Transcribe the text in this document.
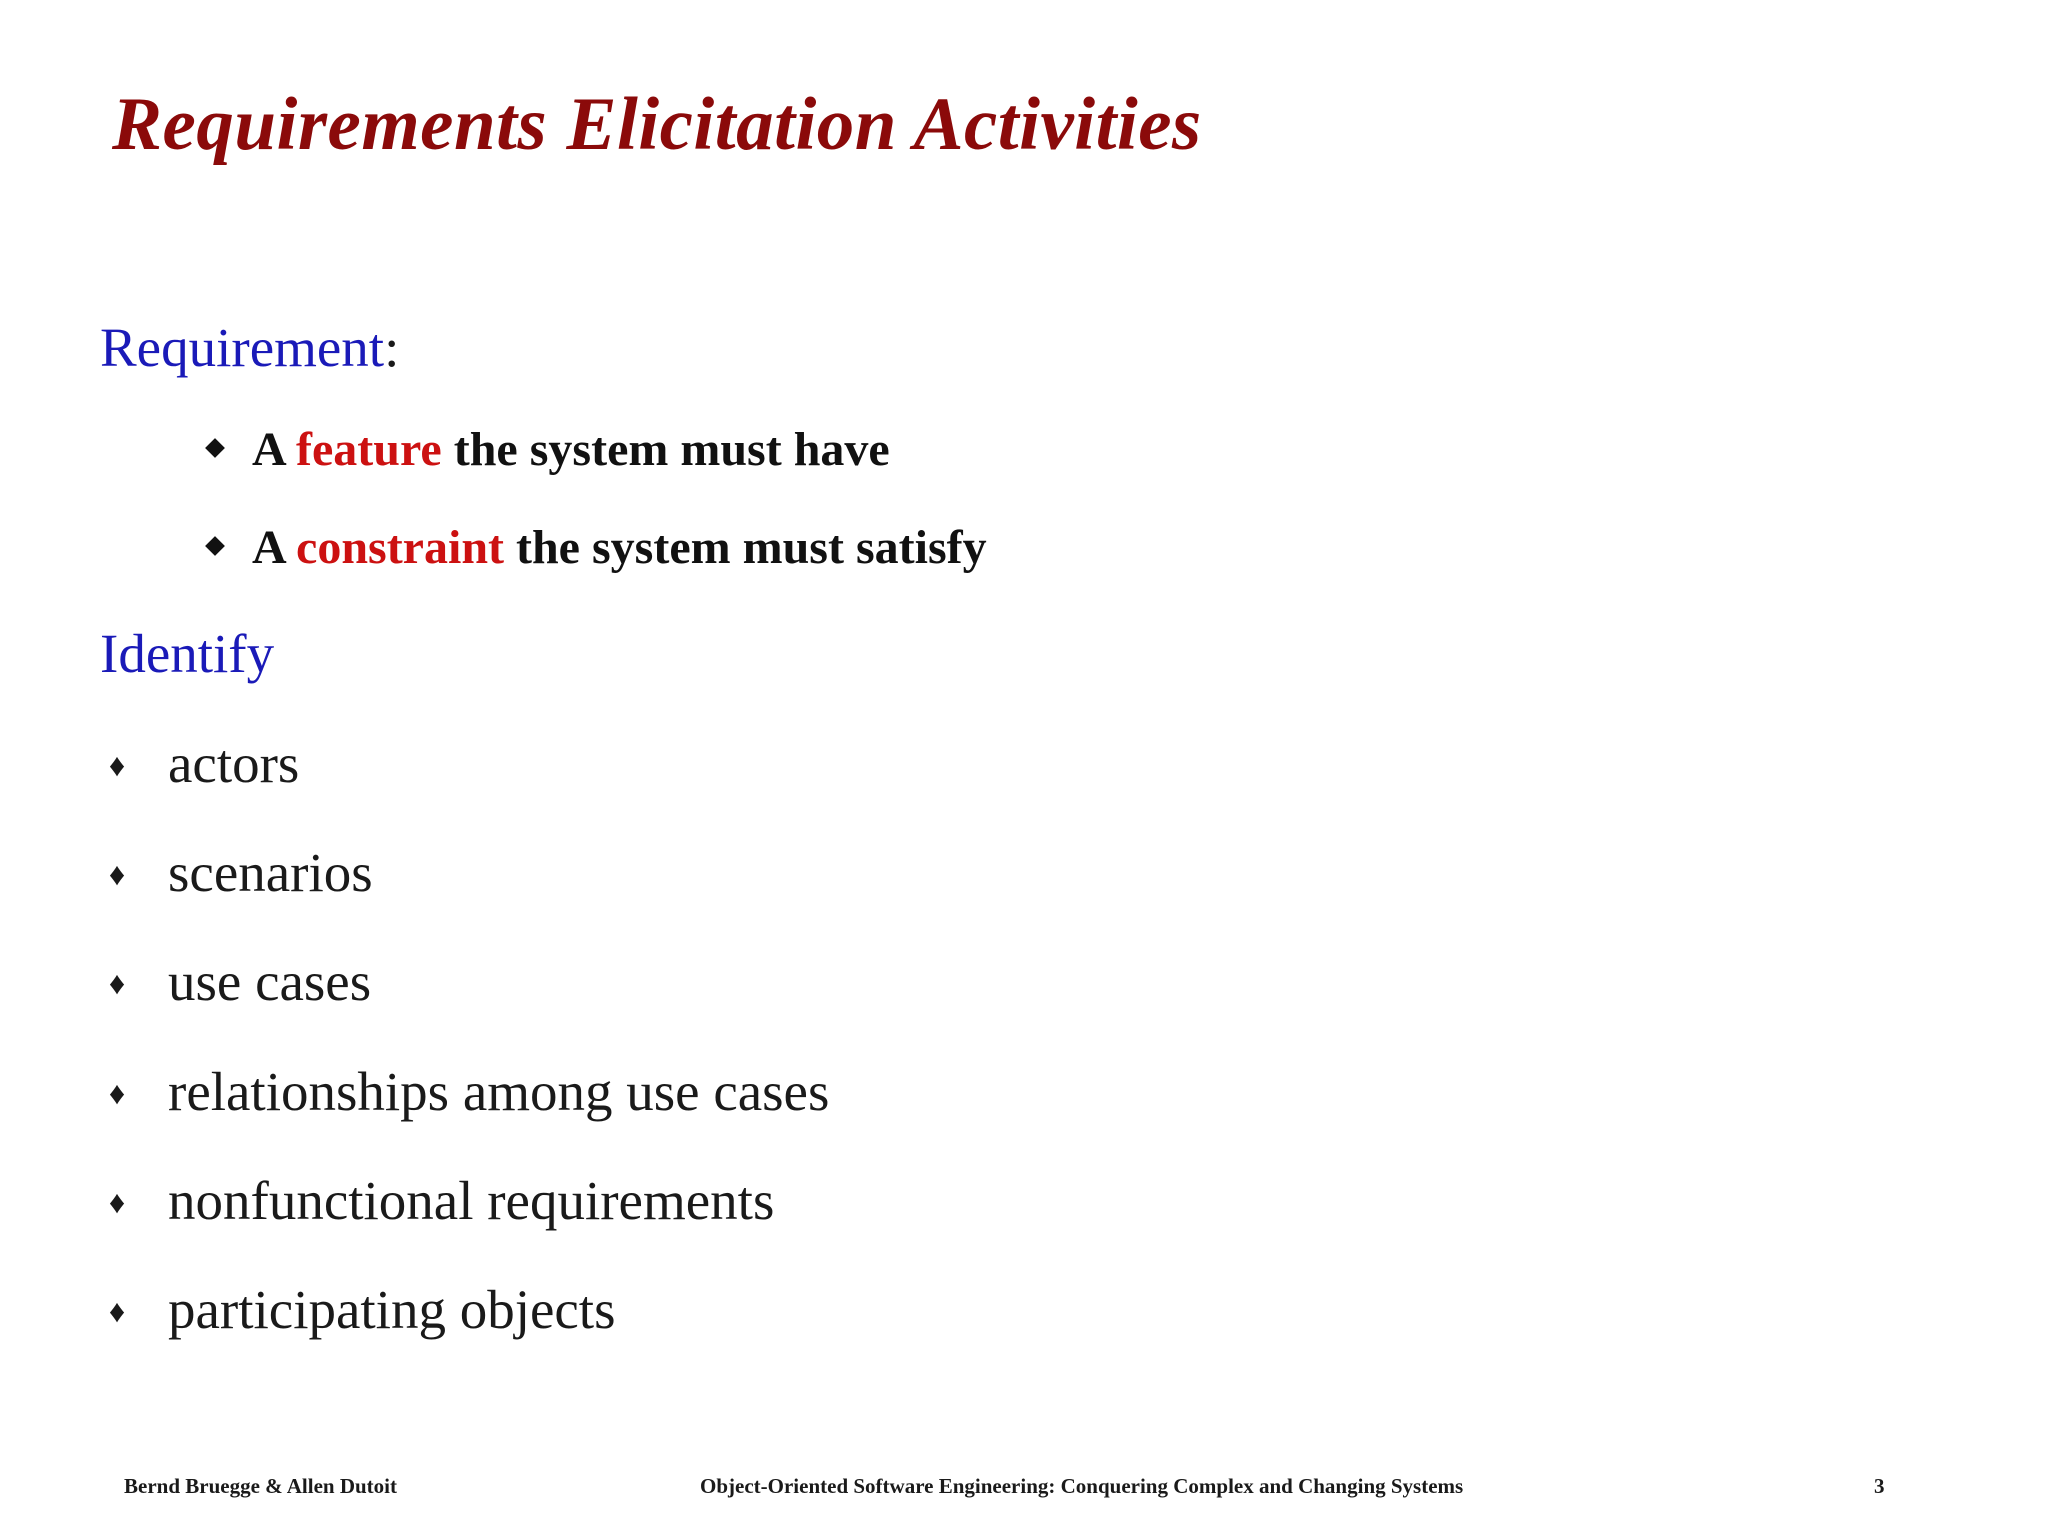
Requirements Elicitation Activities
Requirement:
A feature the system must have
A constraint the system must satisfy
Identify
♦ actors
♦ scenarios
♦ use cases
♦ relationships among use cases
♦ nonfunctional requirements
♦ participating objects
Bernd Bruegge & Allen Dutoit	Object-Oriented Software Engineering: Conquering Complex and Changing Systems	3
